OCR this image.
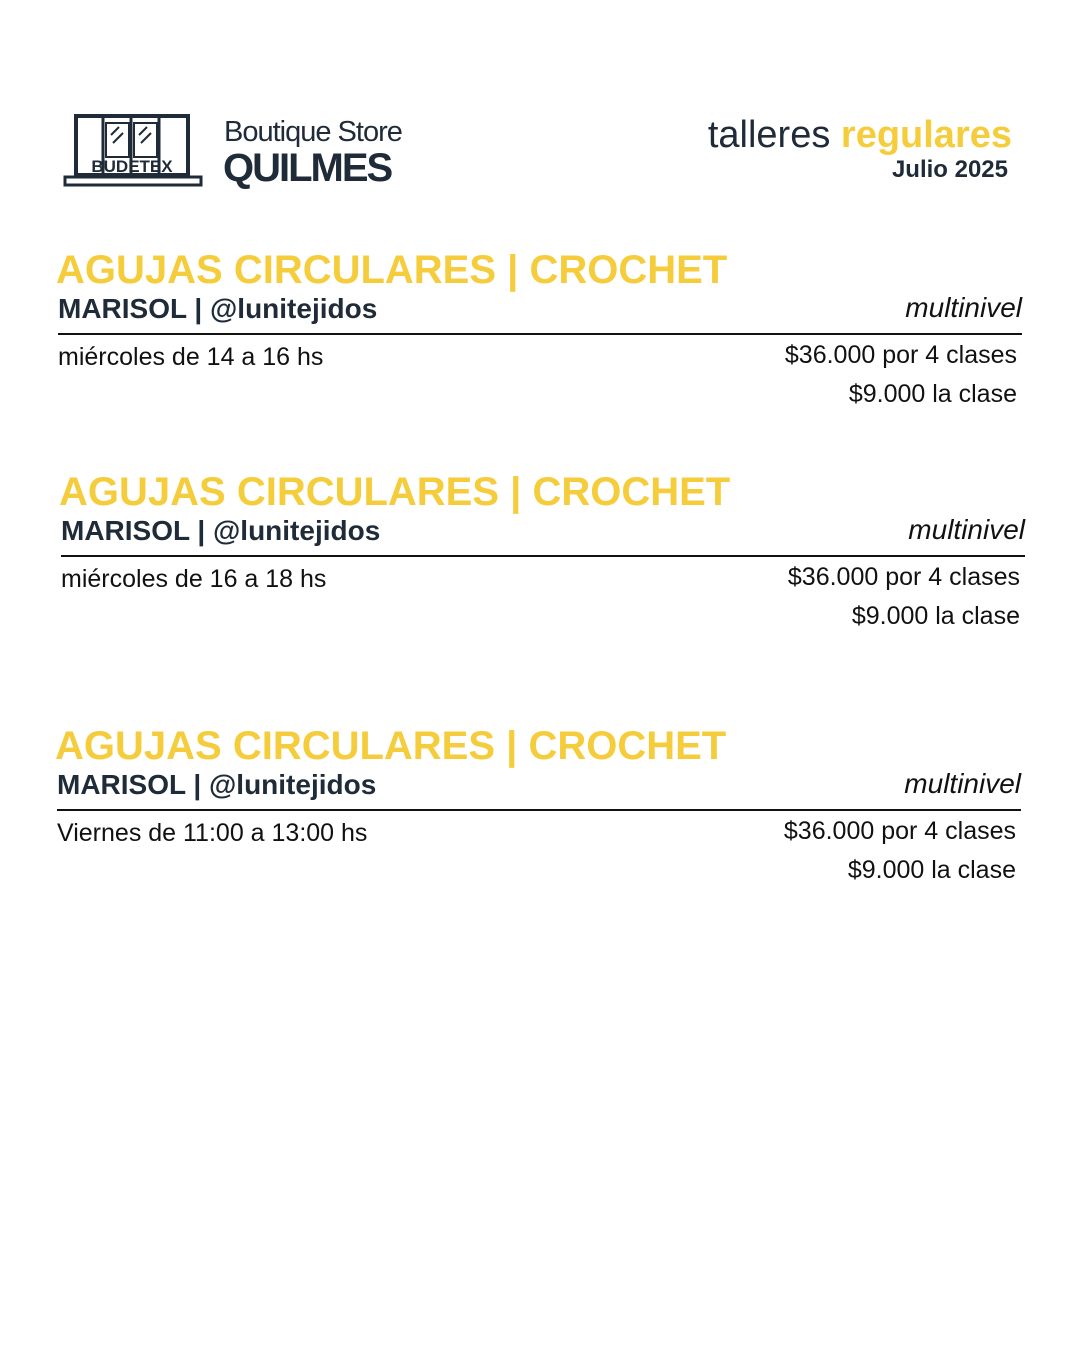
BUDETEX
Boutique Store
QUILMES
talleres regulares
Julio 2025
AGUJAS CIRCULARES | CROCHET
MARISOL | @lunitejidos	multinivel
miércoles de 14 a 16 hs	$36.000 por 4 clases
$9.000 la clase
AGUJAS CIRCULARES | CROCHET
MARISOL | @lunitejidos	multinivel
miércoles de 16 a 18 hs	$36.000 por 4 clases
$9.000 la clase
AGUJAS CIRCULARES | CROCHET
MARISOL | @lunitejidos	multinivel
Viernes de 11:00 a 13:00 hs	$36.000 por 4 clases
$9.000 la clase
